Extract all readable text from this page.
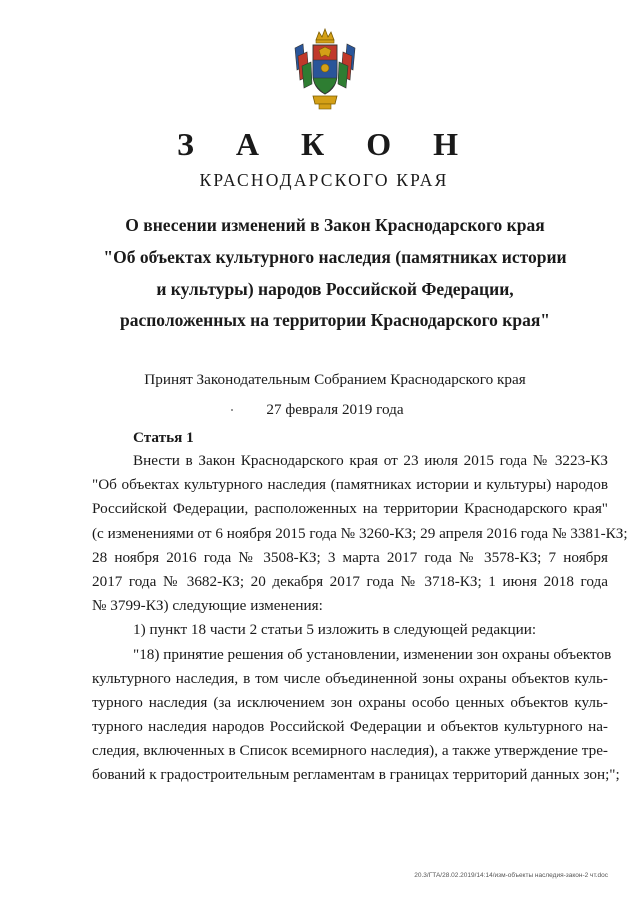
З А К О Н
КРАСНОДАРСКОГО КРАЯ
О внесении изменений в Закон Краснодарского края
"Об объектах культурного наследия (памятниках истории
и культуры) народов Российской Федерации,
расположенных на территории Краснодарского края"
Принят Законодательным Собранием Краснодарского края
27 февраля 2019 года
Статья 1
Внести в Закон Краснодарского края от 23 июля 2015 года № 3223-КЗ
"Об объектах культурного наследия (памятниках истории и культуры) народов
Российской Федерации, расположенных на территории Краснодарского края"
(с изменениями от 6 ноября 2015 года № 3260-КЗ; 29 апреля 2016 года № 3381-КЗ;
28 ноября 2016 года № 3508-КЗ; 3 марта 2017 года № 3578-КЗ; 7 ноября
2017 года № 3682-КЗ; 20 декабря 2017 года № 3718-КЗ; 1 июня 2018 года
№ 3799-КЗ) следующие изменения:
1) пункт 18 части 2 статьи 5 изложить в следующей редакции:
"18) принятие решения об установлении, изменении зон охраны объектов
культурного наследия, в том числе объединенной зоны охраны объектов куль-
турного наследия (за исключением зон охраны особо ценных объектов куль-
турного наследия народов Российской Федерации и объектов культурного на-
следия, включенных в Список всемирного наследия), а также утверждение тре-
бований к градостроительным регламентам в границах территорий данных зон;";
20.3/ГТА/28.02.2019/14:14/изм-объекты наследия-закон-2 чт.doc
